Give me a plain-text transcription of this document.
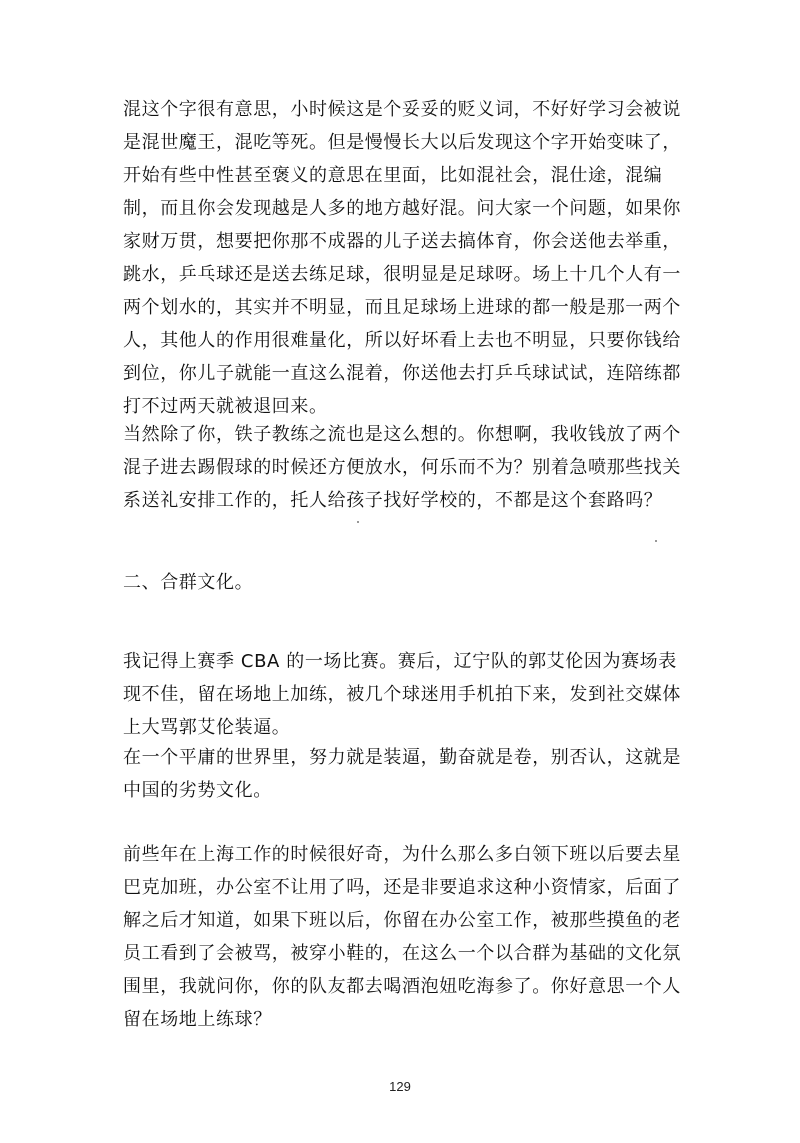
混这个字很有意思，小时候这是个妥妥的贬义词，不好好学习会被说是混世魔王，混吃等死。但是慢慢长大以后发现这个字开始变味了，开始有些中性甚至褒义的意思在里面，比如混社会，混仕途，混编制，而且你会发现越是人多的地方越好混。问大家一个问题，如果你家财万贯，想要把你那不成器的儿子送去搞体育，你会送他去举重，跳水，乒乓球还是送去练足球，很明显是足球呀。场上十几个人有一两个划水的，其实并不明显，而且足球场上进球的都一般是那一两个人，其他人的作用很难量化，所以好坏看上去也不明显，只要你钱给到位，你儿子就能一直这么混着，你送他去打乒乓球试试，连陪练都打不过两天就被退回来。

当然除了你，铁子教练之流也是这么想的。你想啊，我收钱放了两个混子进去踢假球的时候还方便放水，何乐而不为？别着急喷那些找关系送礼安排工作的，托人给孩子找好学校的，不都是这个套路吗？

二、合群文化。

我记得上赛季 CBA 的一场比赛。赛后，辽宁队的郭艾伦因为赛场表现不佳，留在场地上加练，被几个球迷用手机拍下来，发到社交媒体上大骂郭艾伦装逼。

在一个平庸的世界里，努力就是装逼，勤奋就是卷，别否认，这就是中国的劣势文化。

前些年在上海工作的时候很好奇，为什么那么多白领下班以后要去星巴克加班，办公室不让用了吗，还是非要追求这种小资情家，后面了解之后才知道，如果下班以后，你留在办公室工作，被那些摸鱼的老员工看到了会被骂，被穿小鞋的，在这么一个以合群为基础的文化氛围里，我就问你，你的队友都去喝酒泡妞吃海参了。你好意思一个人留在场地上练球？

129
